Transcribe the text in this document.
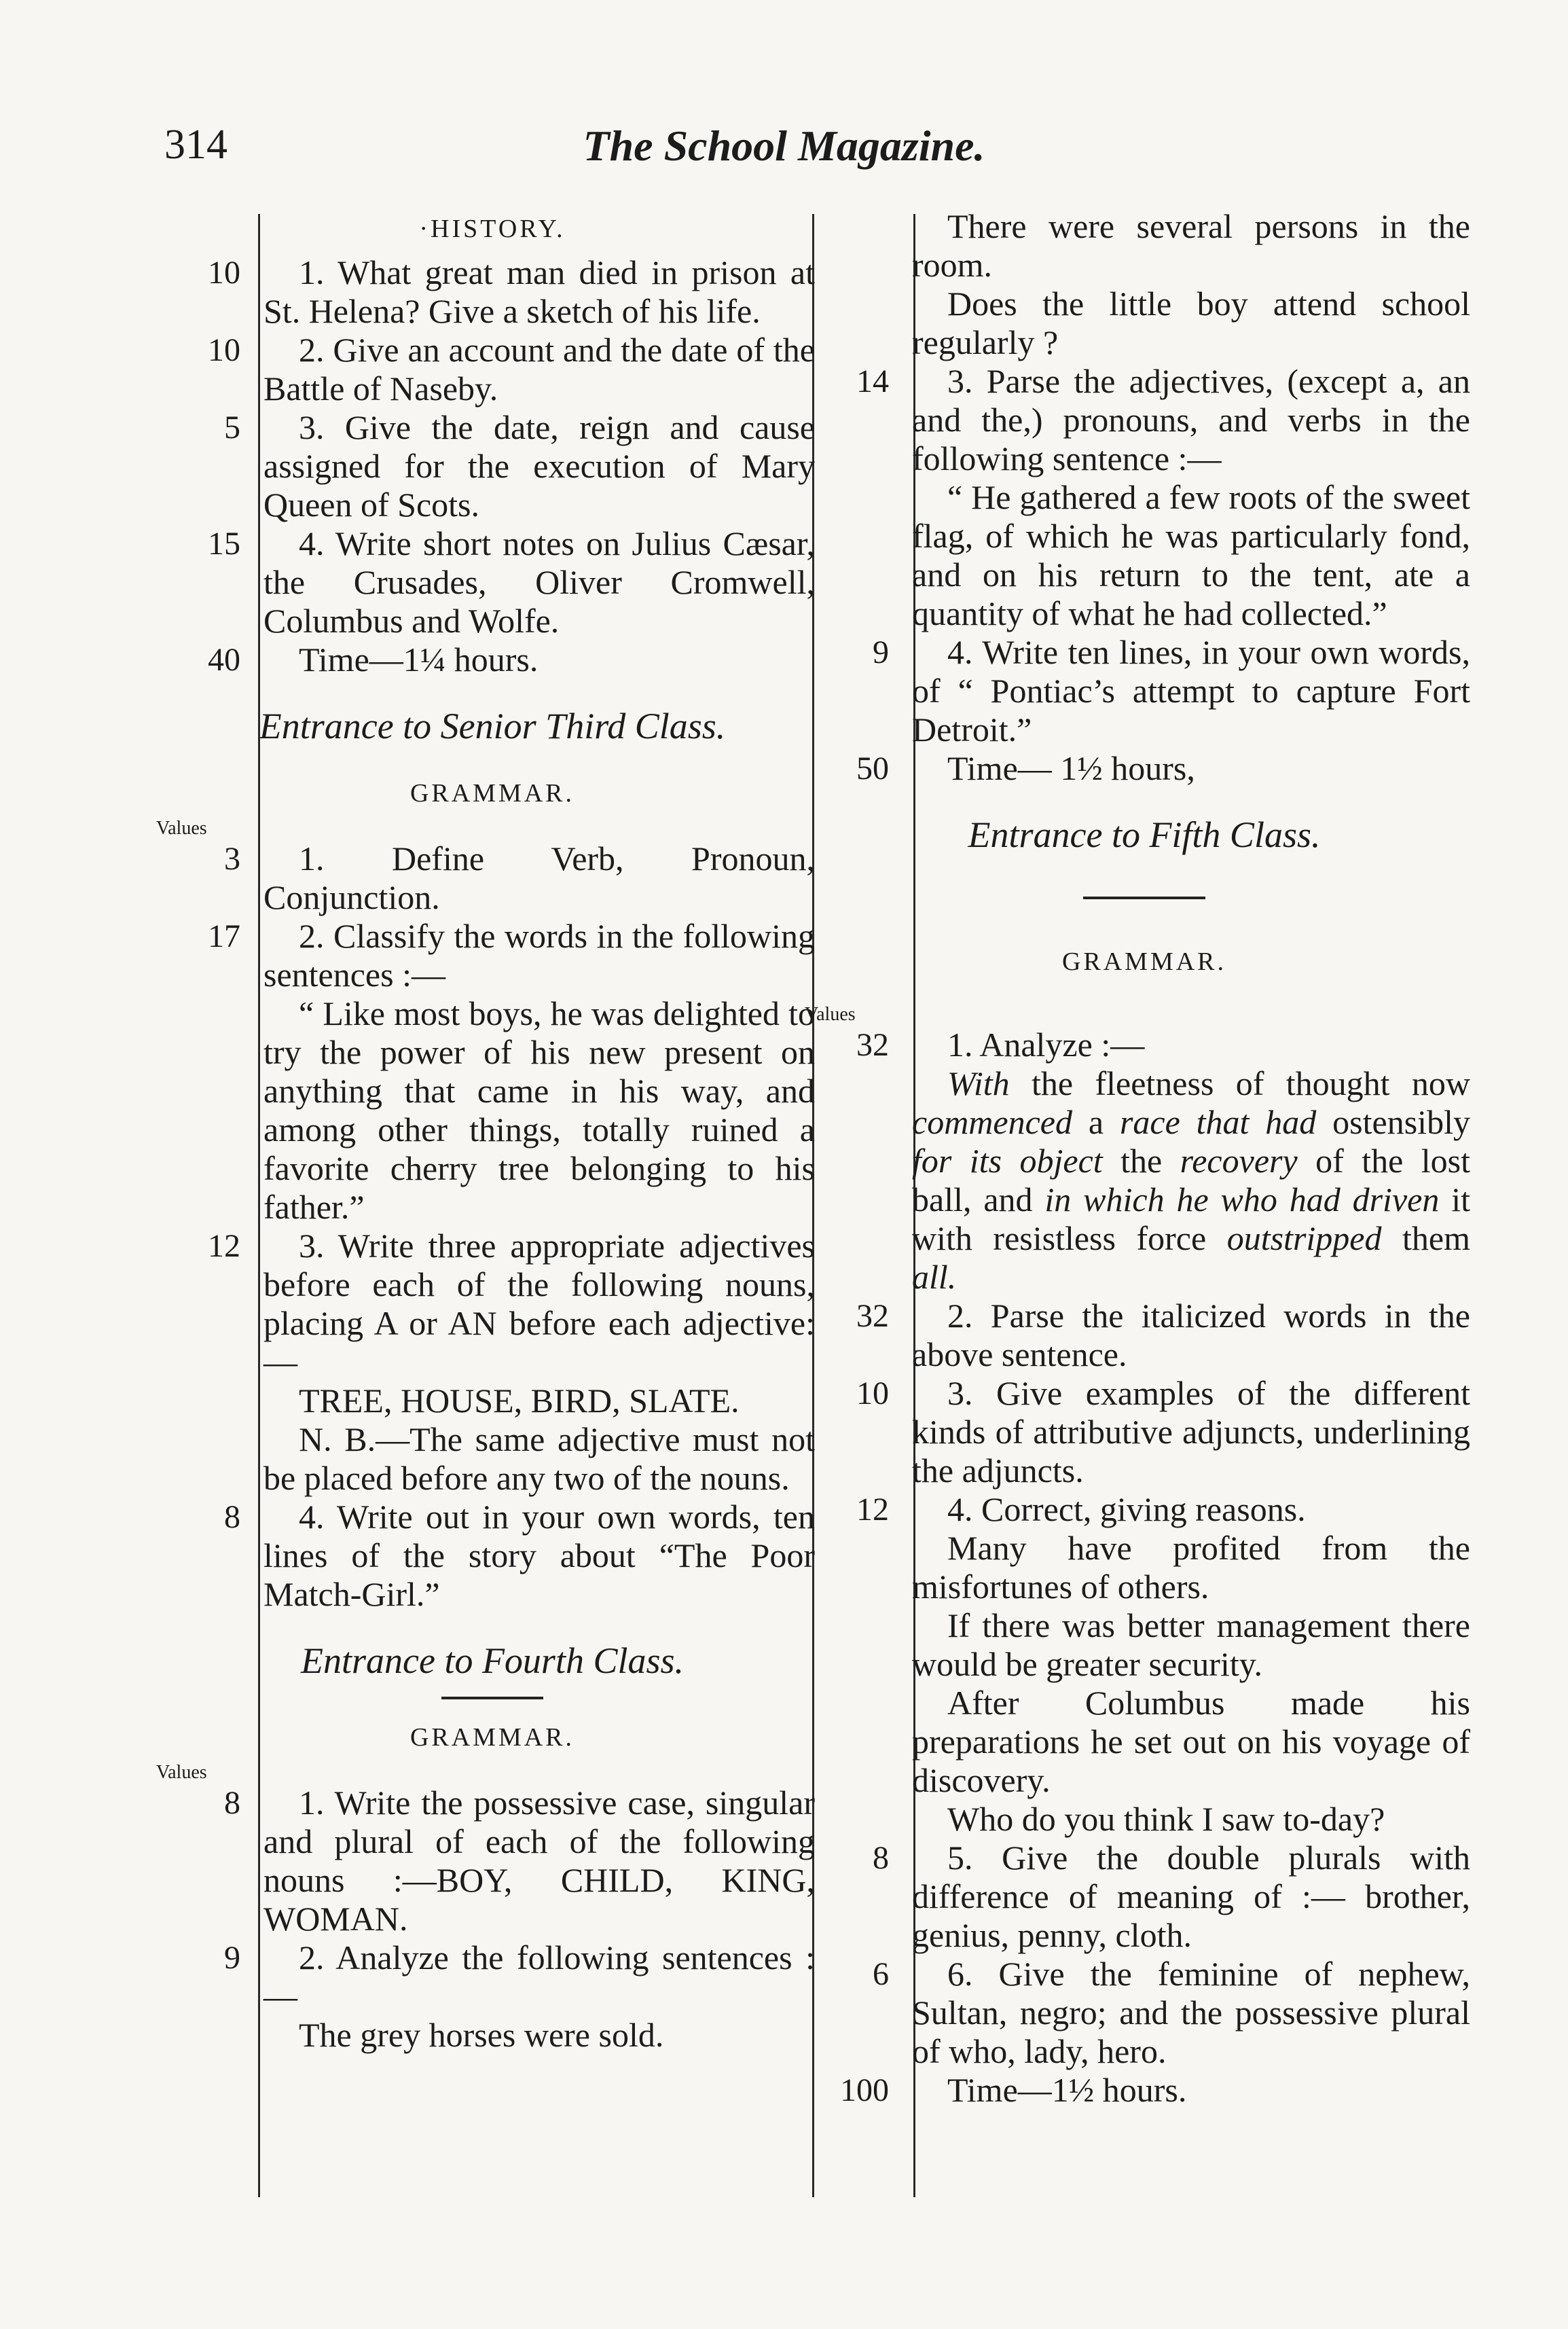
314	The School Magazine.
·HISTORY.
10	1. What great man died in prison at St. Helena? Give a sketch of his life.
10	2. Give an account and the date of the Battle of Naseby.
5	3. Give the date, reign and cause assigned for the execution of Mary Queen of Scots.
15	4. Write short notes on Julius Cæsar, the Crusades, Oliver Cromwell, Columbus and Wolfe.
40	Time—1¼ hours.
Entrance to Senior Third Class.
GRAMMAR.
Values
3	1. Define Verb, Pronoun, Conjunction.
17	2. Classify the words in the following sentences :—
“ Like most boys, he was delighted to try the power of his new present on anything that came in his way, and among other things, totally ruined a favorite cherry tree belonging to his father.”
12	3. Write three appropriate adjectives before each of the following nouns, placing A or AN before each adjective:—
TREE, HOUSE, BIRD, SLATE.
N. B.—The same adjective must not be placed before any two of the nouns.
8	4. Write out in your own words, ten lines of the story about “The Poor Match-Girl.”
Entrance to Fourth Class.
GRAMMAR.
Values
8	1. Write the possessive case, singular and plural of each of the following nouns :—BOY, CHILD, KING, WOMAN.
9	2. Analyze the following sentences :—
The grey horses were sold.
There were several persons in the room.
Does the little boy attend school regularly ?
14	3. Parse the adjectives, (except a, an and the,) pronouns, and verbs in the following sentence :—
“ He gathered a few roots of the sweet flag, of which he was particularly fond, and on his return to the tent, ate a quantity of what he had collected.”
9	4. Write ten lines, in your own words, of “ Pontiac’s attempt to capture Fort Detroit.”
50	Time— 1½ hours,
Entrance to Fifth Class.
GRAMMAR.
Values
32	1. Analyze :—
With the fleetness of thought now commenced a race that had ostensibly for its object the recovery of the lost ball, and in which he who had driven it with resistless force outstripped them all.
32	2. Parse the italicized words in the above sentence.
10	3. Give examples of the different kinds of attributive adjuncts, underlining the adjuncts.
12	4. Correct, giving reasons.
Many have profited from the misfortunes of others.
If there was better management there would be greater security.
After Columbus made his preparations he set out on his voyage of discovery.
Who do you think I saw to-day?
8	5. Give the double plurals with difference of meaning of :— brother, genius, penny, cloth.
6	6. Give the feminine of nephew, Sultan, negro; and the possessive plural of who, lady, hero.
100	Time—1½ hours.
